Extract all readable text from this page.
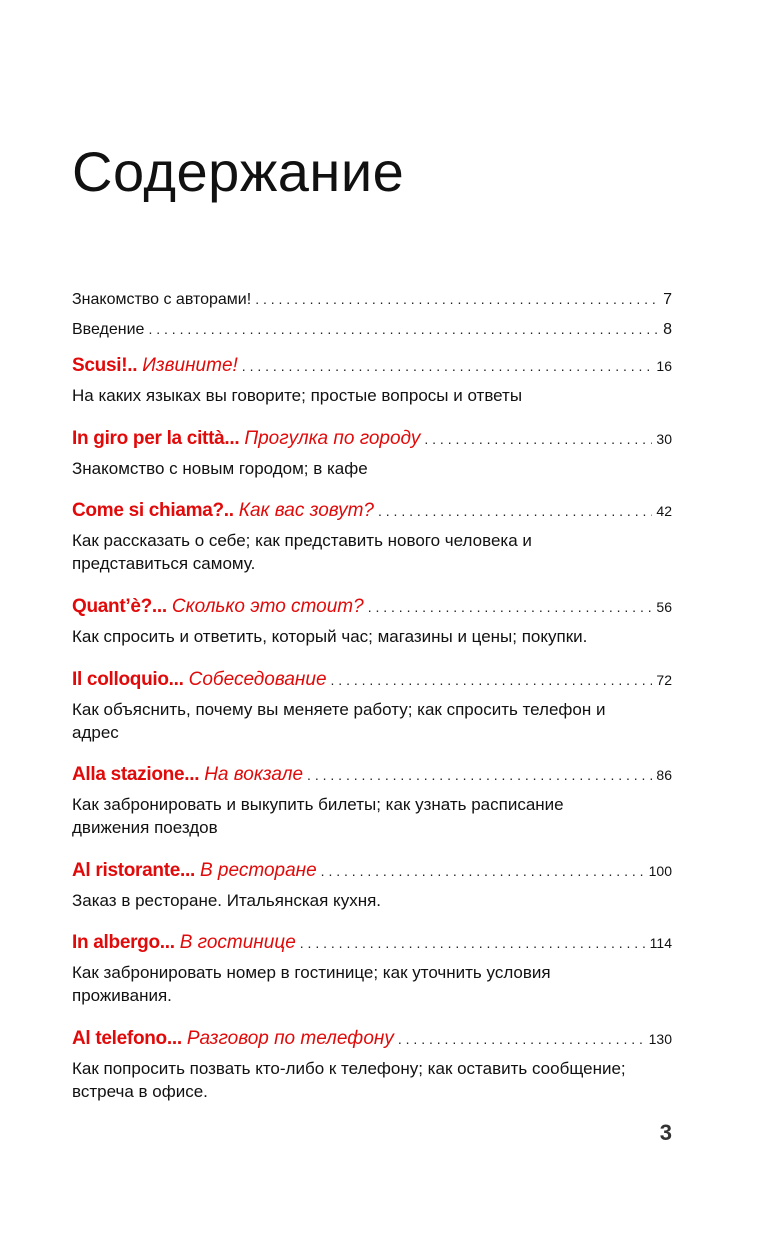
Содержание
Знакомство с авторами! . . .	7
Введение . . .	8
Scusi!.. Извините! . . .	16
На каких языках вы говорите; простые вопросы и ответы
In giro per la città... Прогулка по городу . . .	30
Знакомство с новым городом; в кафе
Come si chiama?.. Как вас зовут? . . .	42
Как рассказать о себе; как представить нового человека и представиться самому.
Quant’è?... Сколько это стоит? . . .	56
Как спросить и ответить, который час; магазины и цены; покупки.
Il colloquio... Собеседование . . .	72
Как объяснить, почему вы меняете работу; как спросить телефон и адрес
Alla stazione... На вокзале . . .	86
Как забронировать и выкупить билеты; как узнать расписание движения поездов
Al ristorante... В ресторане . . .	100
Заказ в ресторане. Итальянская кухня.
In albergo... В гостинице . . .	114
Как забронировать номер в гостинице; как уточнить условия проживания.
Al telefono... Разговор по телефону . . .	130
Как попросить позвать кто-либо к телефону; как оставить сообщение; встреча в офисе.
3
